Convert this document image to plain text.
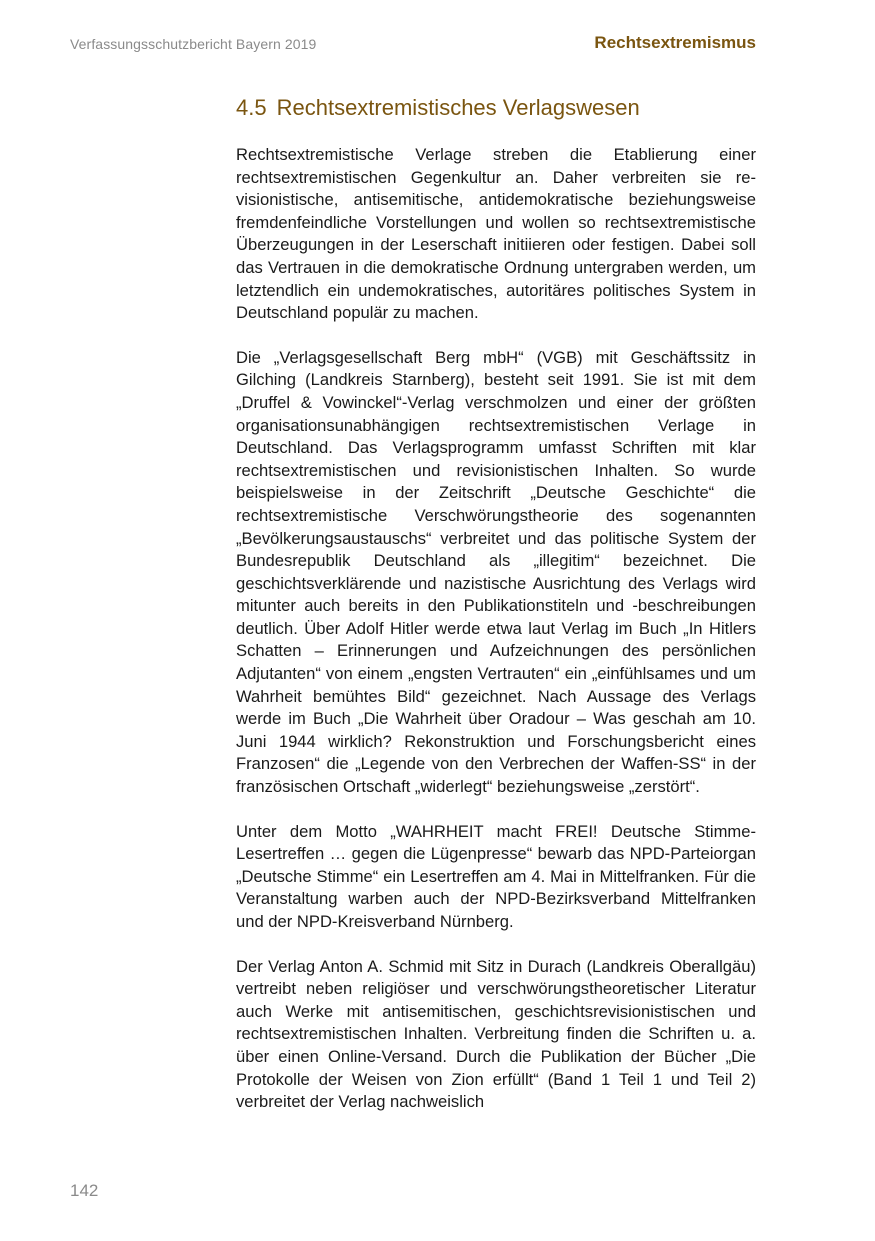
Verfassungsschutzbericht Bayern 2019	Rechtsextremismus
4.5 Rechtsextremistisches Verlagswesen

Rechtsextremistische Verlage streben die Etablierung einer rechtsextremistischen Gegenkultur an. Daher verbreiten sie revisionistische, antisemitische, antidemokratische beziehungsweise fremdenfeindliche Vorstellungen und wollen so rechtsextremistische Überzeugungen in der Leserschaft initiieren oder festigen. Dabei soll das Vertrauen in die demokratische Ordnung untergraben werden, um letztendlich ein undemokratisches, autoritäres politisches System in Deutschland populär zu machen.

Die „Verlagsgesellschaft Berg mbH“ (VGB) mit Geschäftssitz in Gilching (Landkreis Starnberg), besteht seit 1991. Sie ist mit dem „Druffel & Vowinckel“-Verlag verschmolzen und einer der größten organisationsunabhängigen rechtsextremistischen Verlage in Deutschland. Das Verlagsprogramm umfasst Schriften mit klar rechtsextremistischen und revisionistischen Inhalten. So wurde beispielsweise in der Zeitschrift „Deutsche Geschichte“ die rechtsextremistische Verschwörungstheorie des sogenannten „Bevölkerungsaustauschs“ verbreitet und das politische System der Bundesrepublik Deutschland als „illegitim“ bezeichnet. Die geschichtsverklärende und nazistische Ausrichtung des Verlags wird mitunter auch bereits in den Publikationstiteln und ‑beschreibungen deutlich. Über Adolf Hitler werde etwa laut Verlag im Buch „In Hitlers Schatten – Erinnerungen und Aufzeichnungen des persönlichen Adjutanten“ von einem „engsten Vertrauten“ ein „einfühlsames und um Wahrheit bemühtes Bild“ gezeichnet. Nach Aussage des Verlags werde im Buch „Die Wahrheit über Oradour – Was geschah am 10. Juni 1944 wirklich? Rekonstruktion und Forschungsbericht eines Franzosen“ die „Legende von den Verbrechen der Waffen-SS“ in der französischen Ortschaft „widerlegt“ beziehungsweise „zerstört“.

Unter dem Motto „WAHRHEIT macht FREI! Deutsche Stimme-Lesertreffen … gegen die Lügenpresse“ bewarb das NPD-Parteiorgan „Deutsche Stimme“ ein Lesertreffen am 4. Mai in Mittelfranken. Für die Veranstaltung warben auch der NPD-Bezirksverband Mittelfranken und der NPD-Kreisverband Nürnberg.

Der Verlag Anton A. Schmid mit Sitz in Durach (Landkreis Oberallgäu) vertreibt neben religiöser und verschwörungstheoretischer Literatur auch Werke mit antisemitischen, geschichtsrevisionistischen und rechtsextremistischen Inhalten. Verbreitung finden die Schriften u. a. über einen Online-Versand. Durch die Publikation der Bücher „Die Protokolle der Weisen von Zion erfüllt“ (Band 1 Teil 1 und Teil 2) verbreitet der Verlag nachweislich

142
